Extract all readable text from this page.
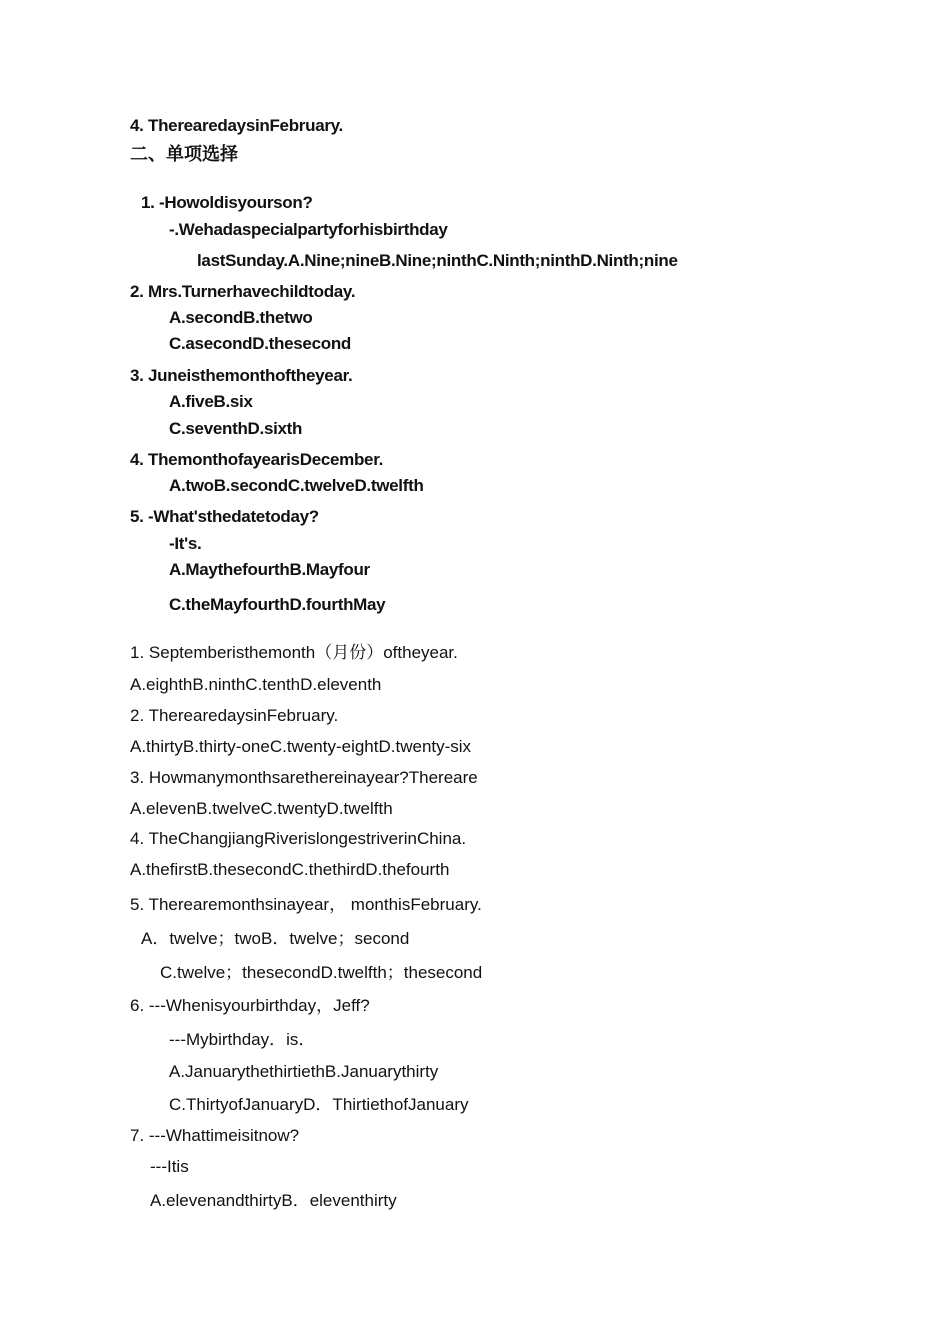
4. TherearedaysinFebruary.
二、单项选择
1. -Howoldisyourson?
-.Wehadaspecialpartyforhisbirthday
lastSunday.A.Nine;nineB.Nine;ninthC.Ninth;ninthD.Ninth;nine
2. Mrs.Turnerhavechildtoday.
A.secondB.thetwo
C.asecondD.thesecond
3. Juneisthemonthoftheyear.
A.fiveB.six
C.seventhD.sixth
4. ThemonthofayearisDecember.
A.twoB.secondC.twelveD.twelfth
5. -What'sthedatetoday?
-It's.
A.MaythefourthB.Mayfour
C.theMayfourthD.fourthMay
1. Septemberisthemonth（月份）oftheyear.
A.eighthB.ninthC.tenthD.eleventh
2. TherearedaysinFebruary.
A.thirtyB.thirty-oneC.twenty-eightD.twenty-six
3. Howmanymonthsarethereinayear?Thereare
A.elevenB.twelveC.twentyD.twelfth
4. TheChangjiangRiverislongestriverinChina.
A.thefirstB.thesecondC.thethirdD.thefourth
5. Therearemonthsinayear， monthisFebruary.
A．twelve；twoB．twelve；second
C.twelve；thesecondD.twelfth；thesecond
6. ---Whenisyourbirthday，Jeff?
---Mybirthday．is．
A.JanuarythethirtiethB.Januarythirty
C.ThirtyofJanuaryD．ThirtiethofJanuary
7. ---Whattimeisitnow?
---Itis
A.elevenandthirtyB．eleventhirty
